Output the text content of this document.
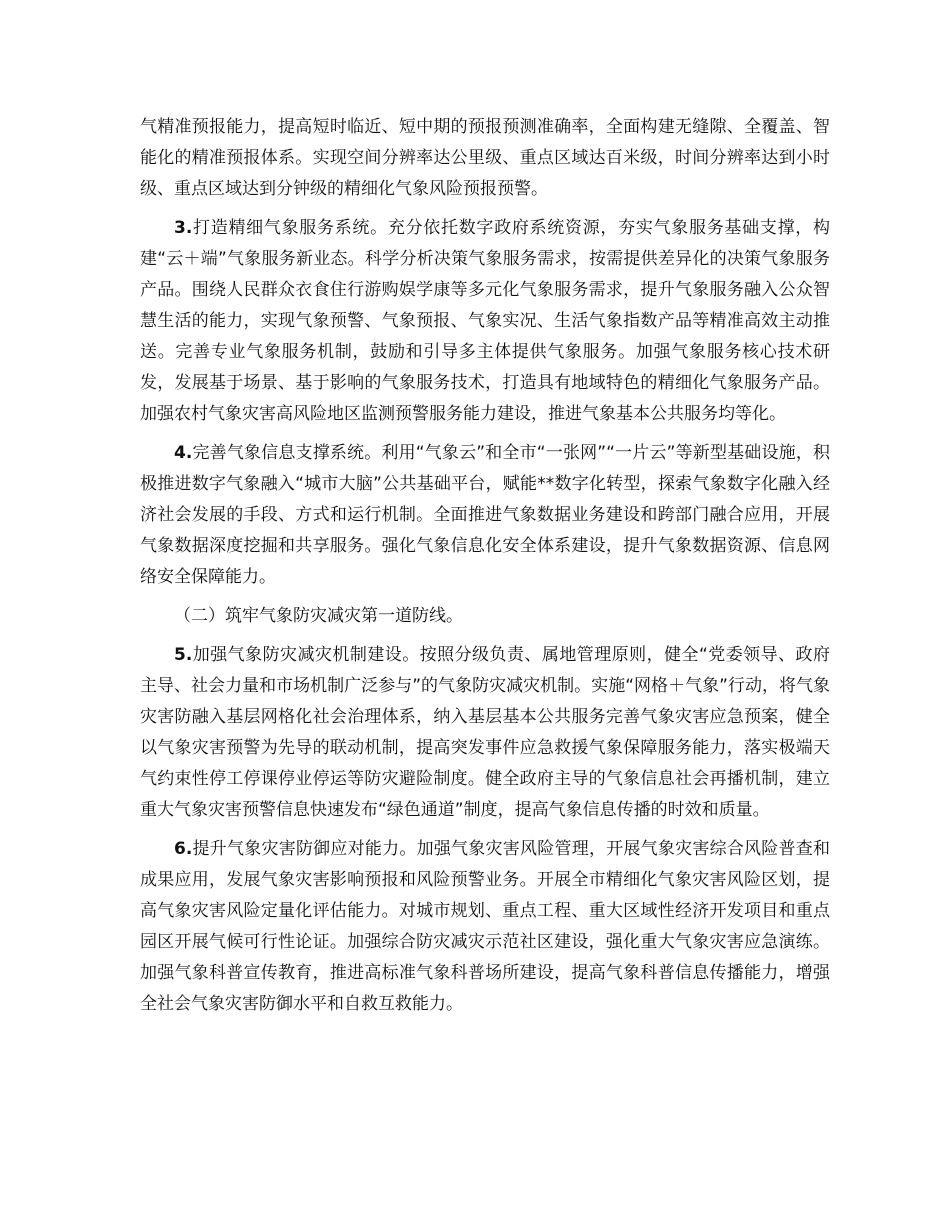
气精准预报能力，提高短时临近、短中期的预报预测准确率，全面构建无缝隙、全覆盖、智能化的精准预报体系。实现空间分辨率达公里级、重点区域达百米级，时间分辨率达到小时级、重点区域达到分钟级的精细化气象风险预报预警。

3.打造精细气象服务系统。充分依托数字政府系统资源，夯实气象服务基础支撑，构建“云＋端”气象服务新业态。科学分析决策气象服务需求，按需提供差异化的决策气象服务产品。围绕人民群众衣食住行游购娱学康等多元化气象服务需求，提升气象服务融入公众智慧生活的能力，实现气象预警、气象预报、气象实况、生活气象指数产品等精准高效主动推送。完善专业气象服务机制，鼓励和引导多主体提供气象服务。加强气象服务核心技术研发，发展基于场景、基于影响的气象服务技术，打造具有地域特色的精细化气象服务产品。加强农村气象灾害高风险地区监测预警服务能力建设，推进气象基本公共服务均等化。

4.完善气象信息支撑系统。利用“气象云”和全市“一张网”“一片云”等新型基础设施，积极推进数字气象融入“城市大脑”公共基础平台，赋能**数字化转型，探索气象数字化融入经济社会发展的手段、方式和运行机制。全面推进气象数据业务建设和跨部门融合应用，开展气象数据深度挖掘和共享服务。强化气象信息化安全体系建设，提升气象数据资源、信息网络安全保障能力。

（二）筑牢气象防灾减灾第一道防线。

5.加强气象防灾减灾机制建设。按照分级负责、属地管理原则，健全“党委领导、政府主导、社会力量和市场机制广泛参与”的气象防灾减灾机制。实施“网格＋气象”行动，将气象灾害防融入基层网格化社会治理体系，纳入基层基本公共服务完善气象灾害应急预案，健全以气象灾害预警为先导的联动机制，提高突发事件应急救援气象保障服务能力，落实极端天气约束性停工停课停业停运等防灾避险制度。健全政府主导的气象信息社会再播机制，建立重大气象灾害预警信息快速发布“绿色通道”制度，提高气象信息传播的时效和质量。

6.提升气象灾害防御应对能力。加强气象灾害风险管理，开展气象灾害综合风险普查和成果应用，发展气象灾害影响预报和风险预警业务。开展全市精细化气象灾害风险区划，提高气象灾害风险定量化评估能力。对城市规划、重点工程、重大区域性经济开发项目和重点园区开展气候可行性论证。加强综合防灾减灾示范社区建设，强化重大气象灾害应急演练。加强气象科普宣传教育，推进高标准气象科普场所建设，提高气象科普信息传播能力，增强全社会气象灾害防御水平和自救互救能力。
